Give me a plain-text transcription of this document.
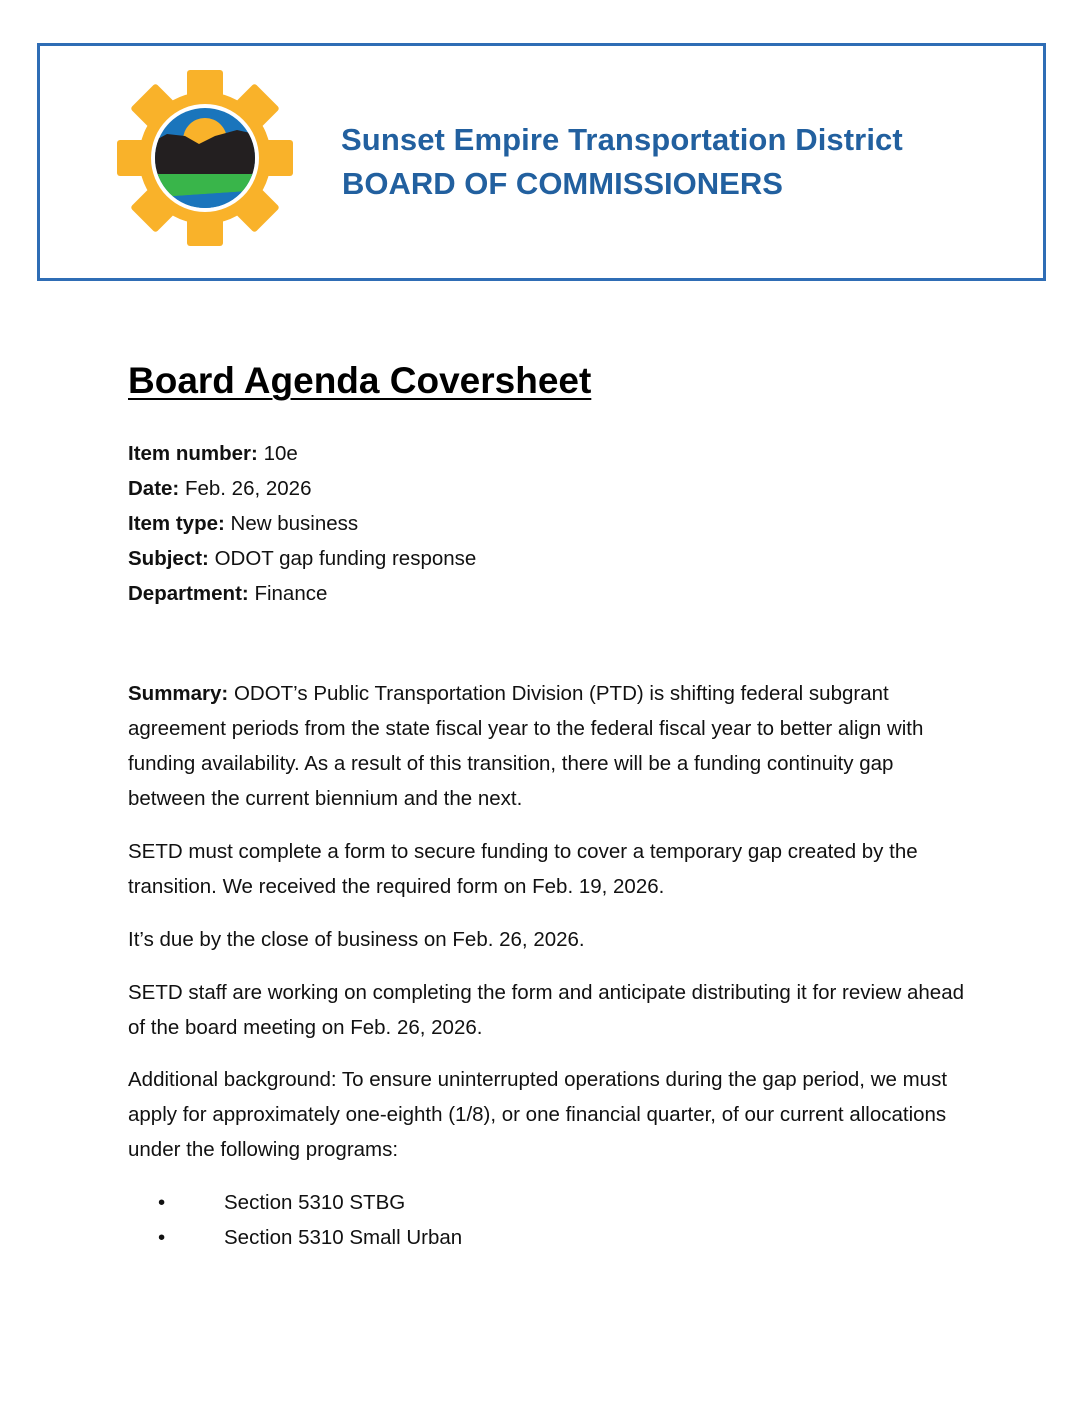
Sunset Empire Transportation District
BOARD OF COMMISSIONERS
Board Agenda Coversheet
Item number: 10e
Date: Feb. 26, 2026
Item type: New business
Subject: ODOT gap funding response
Department: Finance

Summary: ODOT’s Public Transportation Division (PTD) is shifting federal subgrant agreement periods from the state fiscal year to the federal fiscal year to better align with funding availability. As a result of this transition, there will be a funding continuity gap between the current biennium and the next.

SETD must complete a form to secure funding to cover a temporary gap created by the transition. We received the required form on Feb. 19, 2026.

It’s due by the close of business on Feb. 26, 2026.

SETD staff are working on completing the form and anticipate distributing it for review ahead of the board meeting on Feb. 26, 2026.

Additional background: To ensure uninterrupted operations during the gap period, we must apply for approximately one-eighth (1/8), or one financial quarter, of our current allocations under the following programs:

•	Section 5310 STBG
•	Section 5310 Small Urban
